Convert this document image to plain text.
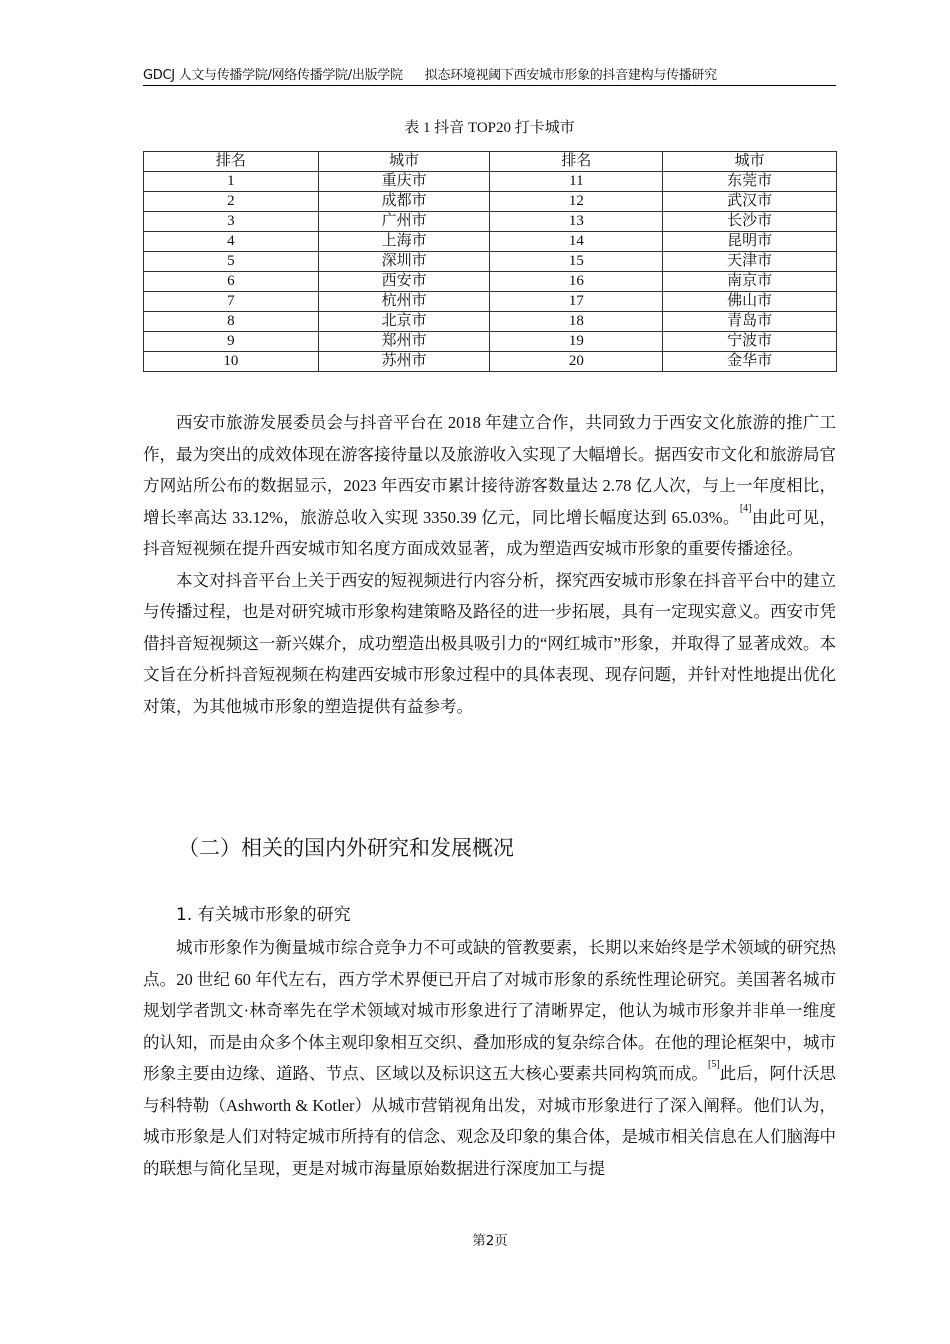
GDCJ 人文与传播学院/网络传播学院/出版学院 拟态环境视阈下西安城市形象的抖音建构与传播研究
表 1 抖音 TOP20 打卡城市
排名	城市	排名	城市
1	重庆市	11	东莞市
2	成都市	12	武汉市
3	广州市	13	长沙市
4	上海市	14	昆明市
5	深圳市	15	天津市
6	西安市	16	南京市
7	杭州市	17	佛山市
8	北京市	18	青岛市
9	郑州市	19	宁波市
10	苏州市	20	金华市

西安市旅游发展委员会与抖音平台在 2018 年建立合作，共同致力于西安文化旅游的推广工作，最为突出的成效体现在游客接待量以及旅游收入实现了大幅增长。据西安市文化和旅游局官方网站所公布的数据显示，2023 年西安市累计接待游客数量达 2.78 亿人次，与上一年度相比，增长率高达 33.12%，旅游总收入实现 3350.39 亿元，同比增长幅度达到 65.03%。[4]由此可见，抖音短视频在提升西安城市知名度方面成效显著，成为塑造西安城市形象的重要传播途径。

本文对抖音平台上关于西安的短视频进行内容分析，探究西安城市形象在抖音平台中的建立与传播过程，也是对研究城市形象构建策略及路径的进一步拓展，具有一定现实意义。西安市凭借抖音短视频这一新兴媒介，成功塑造出极具吸引力的“网红城市”形象，并取得了显著成效。本文旨在分析抖音短视频在构建西安城市形象过程中的具体表现、现存问题，并针对性地提出优化对策，为其他城市形象的塑造提供有益参考。

（二）相关的国内外研究和发展概况
1. 有关城市形象的研究

城市形象作为衡量城市综合竞争力不可或缺的管教要素，长期以来始终是学术领域的研究热点。20 世纪 60 年代左右，西方学术界便已开启了对城市形象的系统性理论研究。美国著名城市规划学者凯文·林奇率先在学术领域对城市形象进行了清晰界定，他认为城市形象并非单一维度的认知，而是由众多个体主观印象相互交织、叠加形成的复杂综合体。在他的理论框架中，城市形象主要由边缘、道路、节点、区域以及标识这五大核心要素共同构筑而成。[5]此后，阿什沃思与科特勒（Ashworth & Kotler）从城市营销视角出发，对城市形象进行了深入阐释。他们认为，城市形象是人们对特定城市所持有的信念、观念及印象的集合体，是城市相关信息在人们脑海中的联想与简化呈现，更是对城市海量原始数据进行深度加工与提

第2页
